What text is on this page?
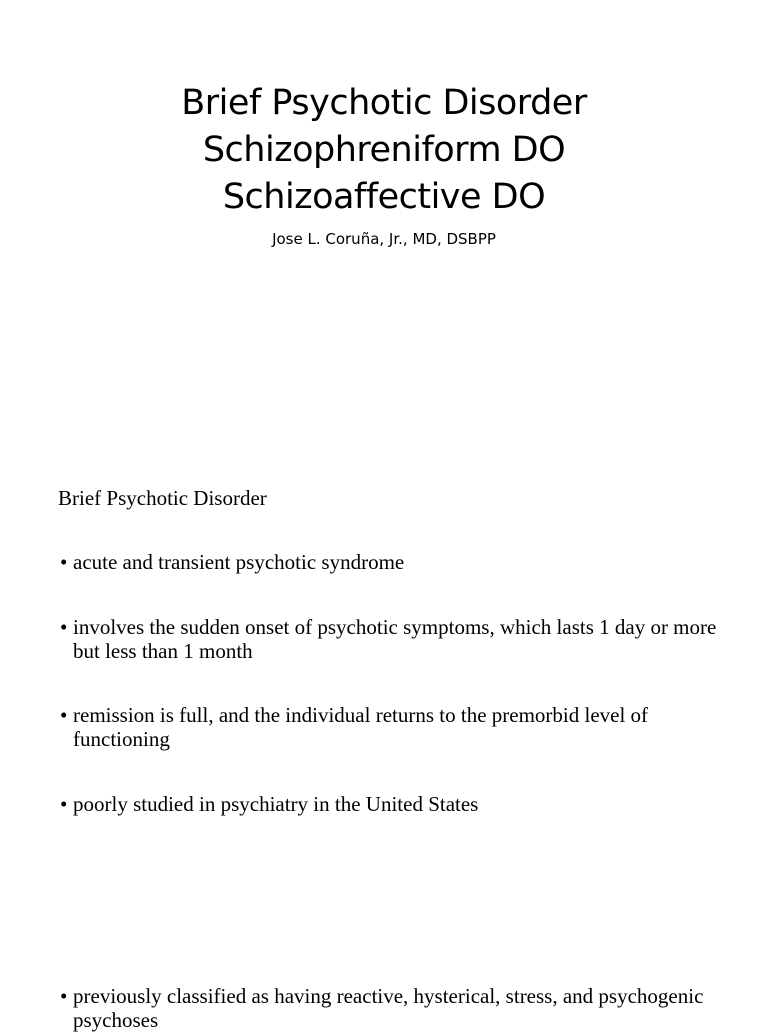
Brief Psychotic Disorder
Schizophreniform DO
Schizoaffective DO
Jose L. Coruña, Jr., MD, DSBPP
Brief Psychotic Disorder
• acute and transient psychotic syndrome
• involves the sudden onset of psychotic symptoms, which lasts 1 day or more but less than 1 month
• remission is full, and the individual returns to the premorbid level of functioning
• poorly studied in psychiatry in the United States
• previously classified as having reactive, hysterical, stress, and psychogenic psychoses
